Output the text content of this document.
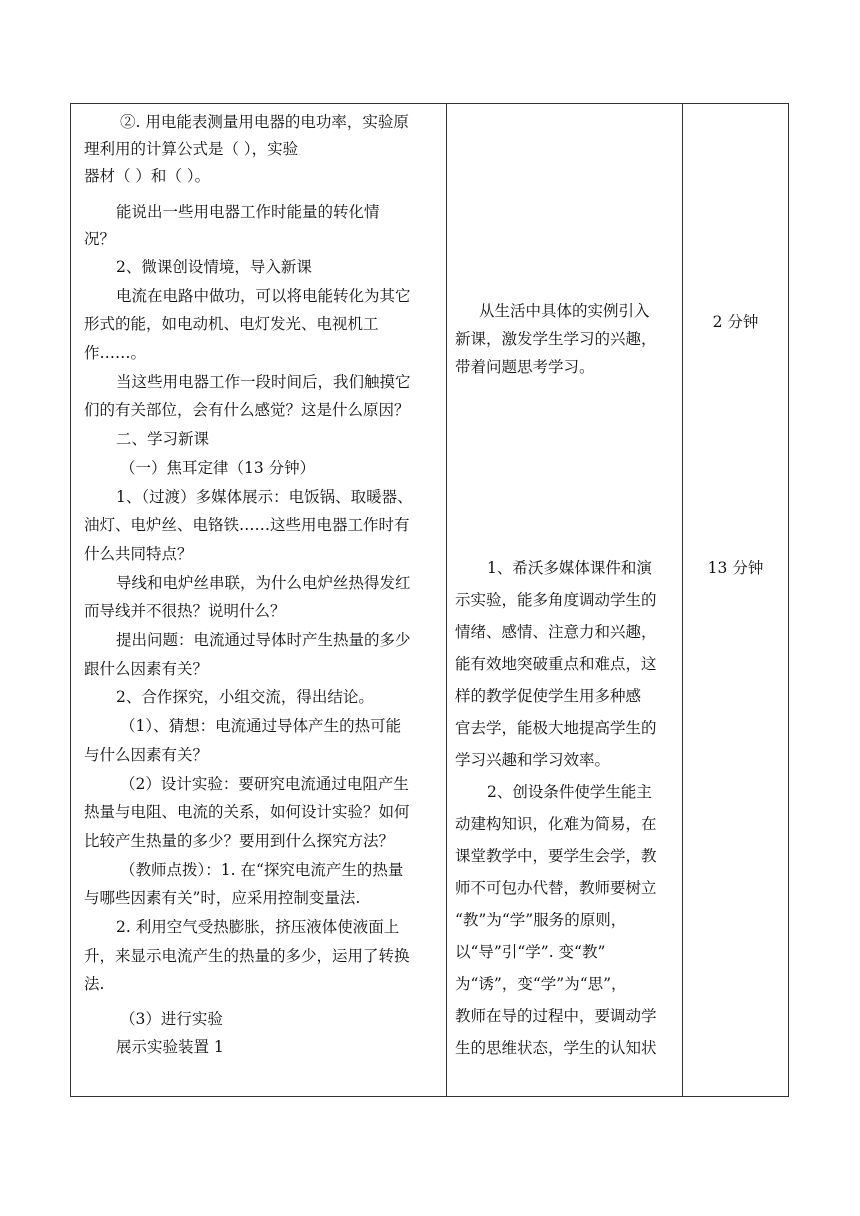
②. 用电能表测量用电器的电功率，实验原
理利用的计算公式是（ ），实验
器材（ ）和（ ）。
能说出一些用电器工作时能量的转化情
况？
2、微课创设情境，导入新课
电流在电路中做功，可以将电能转化为其它
形式的能，如电动机、电灯发光、电视机工
作……。
当这些用电器工作一段时间后，我们触摸它
们的有关部位，会有什么感觉？这是什么原因？
二、学习新课
（一）焦耳定律（13 分钟）
1、（过渡）多媒体展示：电饭锅、取暖器、
油灯、电炉丝、电铬铁……这些用电器工作时有
什么共同特点？
导线和电炉丝串联，为什么电炉丝热得发红
而导线并不很热？说明什么？
提出问题：电流通过导体时产生热量的多少
跟什么因素有关？
2、合作探究，小组交流，得出结论。
（1）、猜想：电流通过导体产生的热可能
与什么因素有关？
（2）设计实验：要研究电流通过电阻产生
热量与电阻、电流的关系，如何设计实验？如何
比较产生热量的多少？要用到什么探究方法？
（教师点拨）：1. 在“探究电流产生的热量
与哪些因素有关”时，应采用控制变量法.
2. 利用空气受热膨胀，挤压液体使液面上
升，来显示电流产生的热量的多少，运用了转换
法.
（3）进行实验
展示实验装置 1
从生活中具体的实例引入
新课，激发学生学习的兴趣，
带着问题思考学习。
1、希沃多媒体课件和演
示实验，能多角度调动学生的
情绪、感情、注意力和兴趣，
能有效地突破重点和难点，这
样的教学促使学生用多种感
官去学，能极大地提高学生的
学习兴趣和学习效率。
2、创设条件使学生能主
动建构知识，化难为简易，在
课堂教学中，要学生会学，教
师不可包办代替，教师要树立
“教”为“学”服务的原则，
以“导”引“学”. 变“教”
为“诱”，变“学”为“思”，
教师在导的过程中，要调动学
生的思维状态，学生的认知状
2 分钟
13 分钟
